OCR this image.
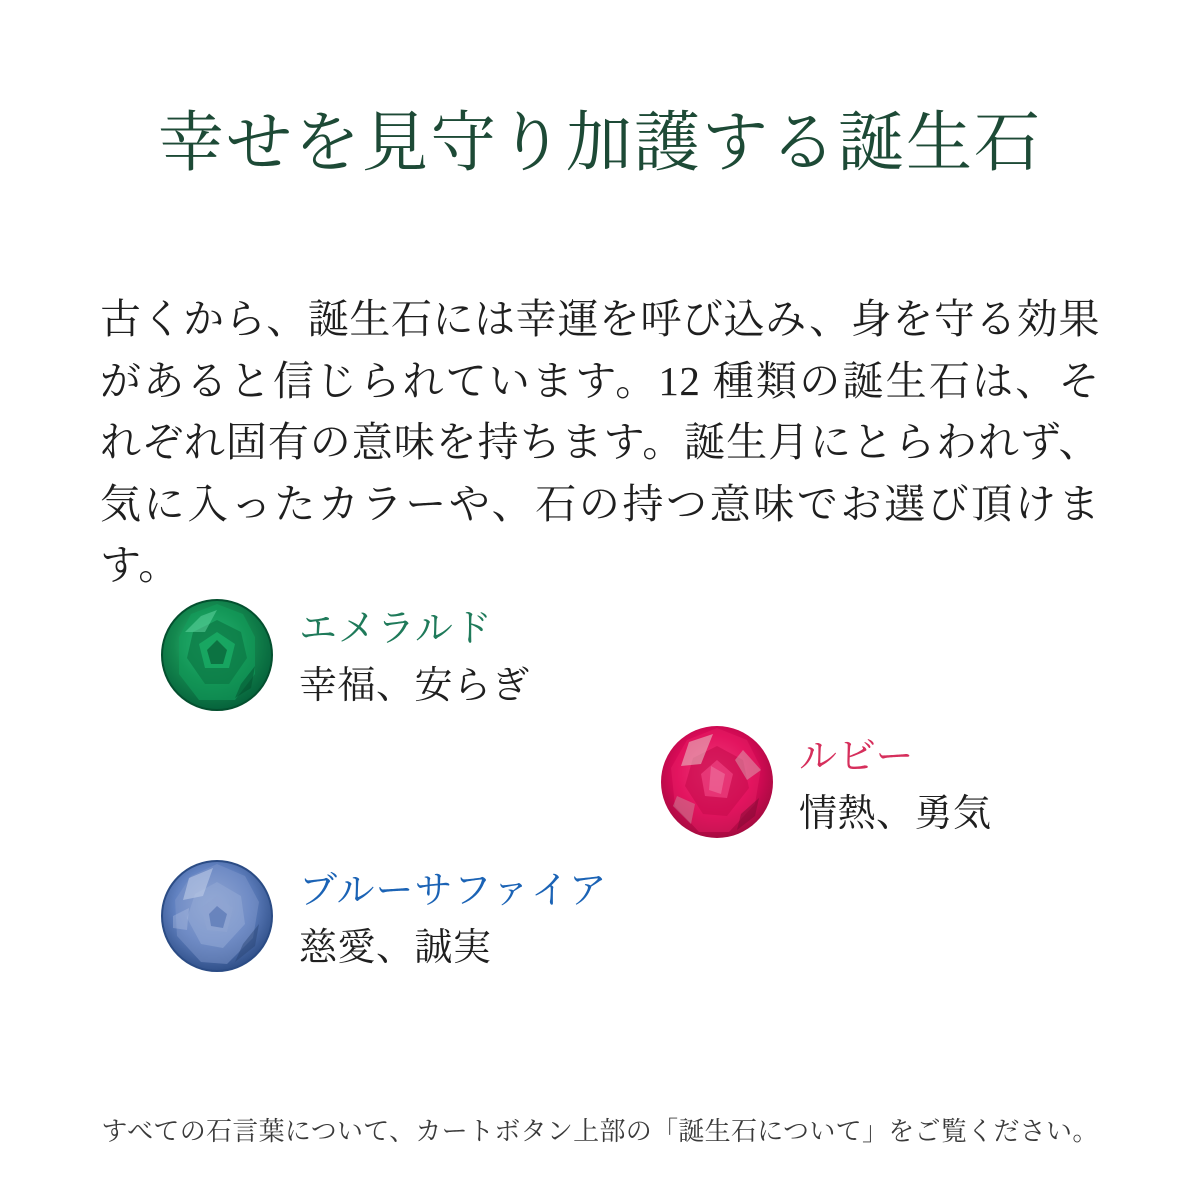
幸せを見守り加護する誕生石

古くから、誕生石には幸運を呼び込み、身を守る効果があると信じられています。12 種類の誕生石は、それぞれ固有の意味を持ちます。誕生月にとらわれず、気に入ったカラーや、石の持つ意味でお選び頂けます。

エメラルド
幸福、安らぎ
ルビー
情熱、勇気
ブルーサファイア
慈愛、誠実
すべての石言葉について、カートボタン上部の「誕生石について」をご覧ください。
